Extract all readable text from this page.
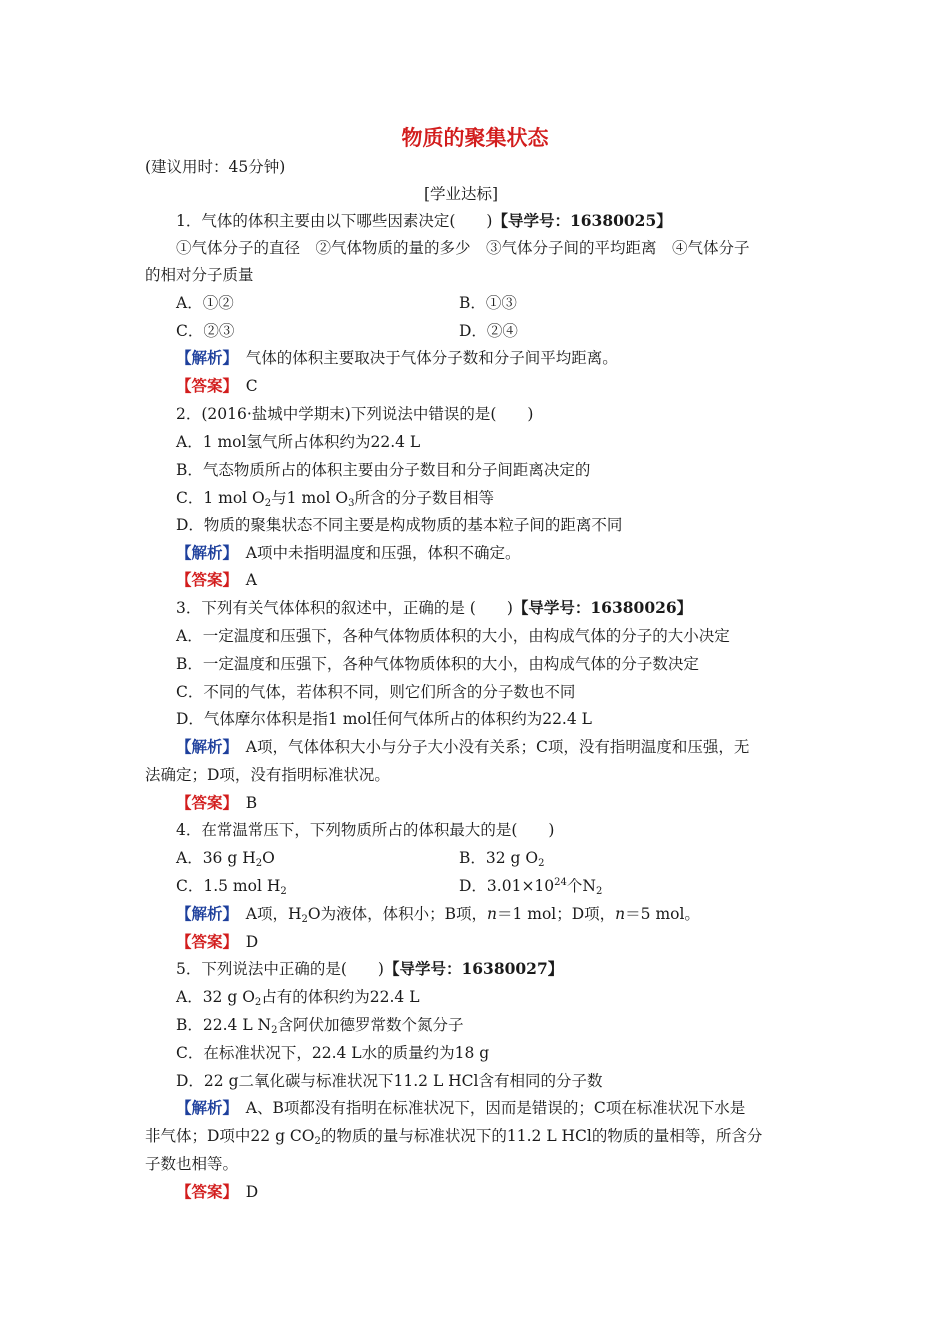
物质的聚集状态
(建议用时：45分钟)
[学业达标]
1．气体的体积主要由以下哪些因素决定(　　)【导学号：16380025】
①气体分子的直径　②气体物质的量的多少　③气体分子间的平均距离　④气体分子
的相对分子质量
A．①②	B．①③
C．②③	D．②④
【解析】　 气体的体积主要取决于气体分子数和分子间平均距离。
【答案】　 C
2．(2016·盐城中学期末)下列说法中错误的是(　　)
A．1 mol氢气所占体积约为22.4 L
B．气态物质所占的体积主要由分子数目和分子间距离决定的
C．1 mol $O_2$与1 mol $O_3$所含的分子数目相等
D．物质的聚集状态不同主要是构成物质的基本粒子间的距离不同
【解析】　 A项中未指明温度和压强，体积不确定。
【答案】　 A
3．下列有关气体体积的叙述中，正确的是 (　　)【导学号：16380026】
A．一定温度和压强下，各种气体物质体积的大小，由构成气体的分子的大小决定
B．一定温度和压强下，各种气体物质体积的大小，由构成气体的分子数决定
C．不同的气体，若体积不同，则它们所含的分子数也不同
D．气体摩尔体积是指1 mol任何气体所占的体积约为22.4 L
【解析】　 A项，气体体积大小与分子大小没有关系；C项，没有指明温度和压强，无
法确定；D项，没有指明标准状况。
【答案】　 B
4．在常温常压下，下列物质所占的体积最大的是(　　)
A．36 g $H_2O$	B．32 g $O_2$
C．1.5 mol $H_2$	D．$3.01\times 10^{24}$个$N_2$
【解析】　 A项，$H_2O$为液体，体积小；B项，n＝1 mol；D项，n＝5 mol。
【答案】　 D
5．下列说法中正确的是(　　)【导学号：16380027】
A．32 g $O_2$占有的体积约为22.4 L
B．22.4 L $N_2$含阿伏加德罗常数个氮分子
C．在标准状况下，22.4 L水的质量约为18 g
D．22 g二氧化碳与标准状况下11.2 L HCl含有相同的分子数
【解析】　 A、B项都没有指明在标准状况下，因而是错误的；C项在标准状况下水是
非气体；D项中22 g $CO_2$的物质的量与标准状况下的11.2 L HCl的物质的量相等，所含分
子数也相等。
【答案】　 D
